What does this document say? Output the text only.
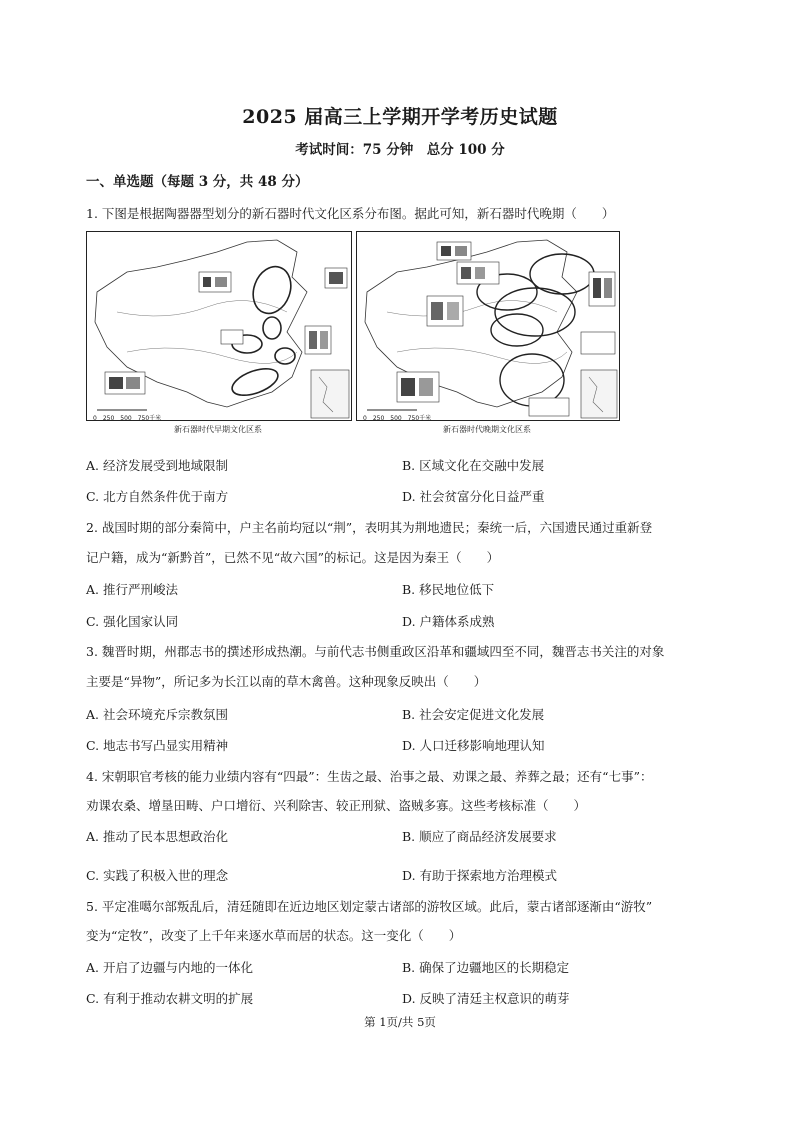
2025 届高三上学期开学考历史试题
考试时间：75 分钟　总分 100 分
一、单选题（每题 3 分，共 48 分）
1. 下图是根据陶器器型划分的新石器时代文化区系分布图。据此可知，新石器时代晚期（　　）
0　250　500　750千米
新石器时代早期文化区系
0　250　500　750千米
新石器时代晚期文化区系
A. 经济发展受到地域限制	B. 区域文化在交融中发展
C. 北方自然条件优于南方	D. 社会贫富分化日益严重
2. 战国时期的部分秦简中，户主名前均冠以“荆”，表明其为荆地遗民；秦统一后，六国遗民通过重新登
记户籍，成为“新黔首”，已然不见“故六国”的标记。这是因为秦王（　　）
A. 推行严刑峻法	B. 移民地位低下
C. 强化国家认同	D. 户籍体系成熟
3. 魏晋时期，州郡志书的撰述形成热潮。与前代志书侧重政区沿革和疆域四至不同，魏晋志书关注的对象
主要是“异物”，所记多为长江以南的草木禽兽。这种现象反映出（　　）
A. 社会环境充斥宗教氛围	B. 社会安定促进文化发展
C. 地志书写凸显实用精神	D. 人口迁移影响地理认知
4. 宋朝职官考核的能力业绩内容有“四最”：生齿之最、治事之最、劝课之最、养葬之最；还有“七事”：
劝课农桑、增垦田畴、户口增衍、兴利除害、较正刑狱、盗贼多寡。这些考核标准（　　）
A. 推动了民本思想政治化	B. 顺应了商品经济发展要求
C. 实践了积极入世的理念	D. 有助于探索地方治理模式
5. 平定准噶尔部叛乱后，清廷随即在近边地区划定蒙古诸部的游牧区域。此后，蒙古诸部逐渐由“游牧”
变为“定牧”，改变了上千年来逐水草而居的状态。这一变化（　　）
A. 开启了边疆与内地的一体化	B. 确保了边疆地区的长期稳定
C. 有利于推动农耕文明的扩展	D. 反映了清廷主权意识的萌芽
第 1页/共 5页
